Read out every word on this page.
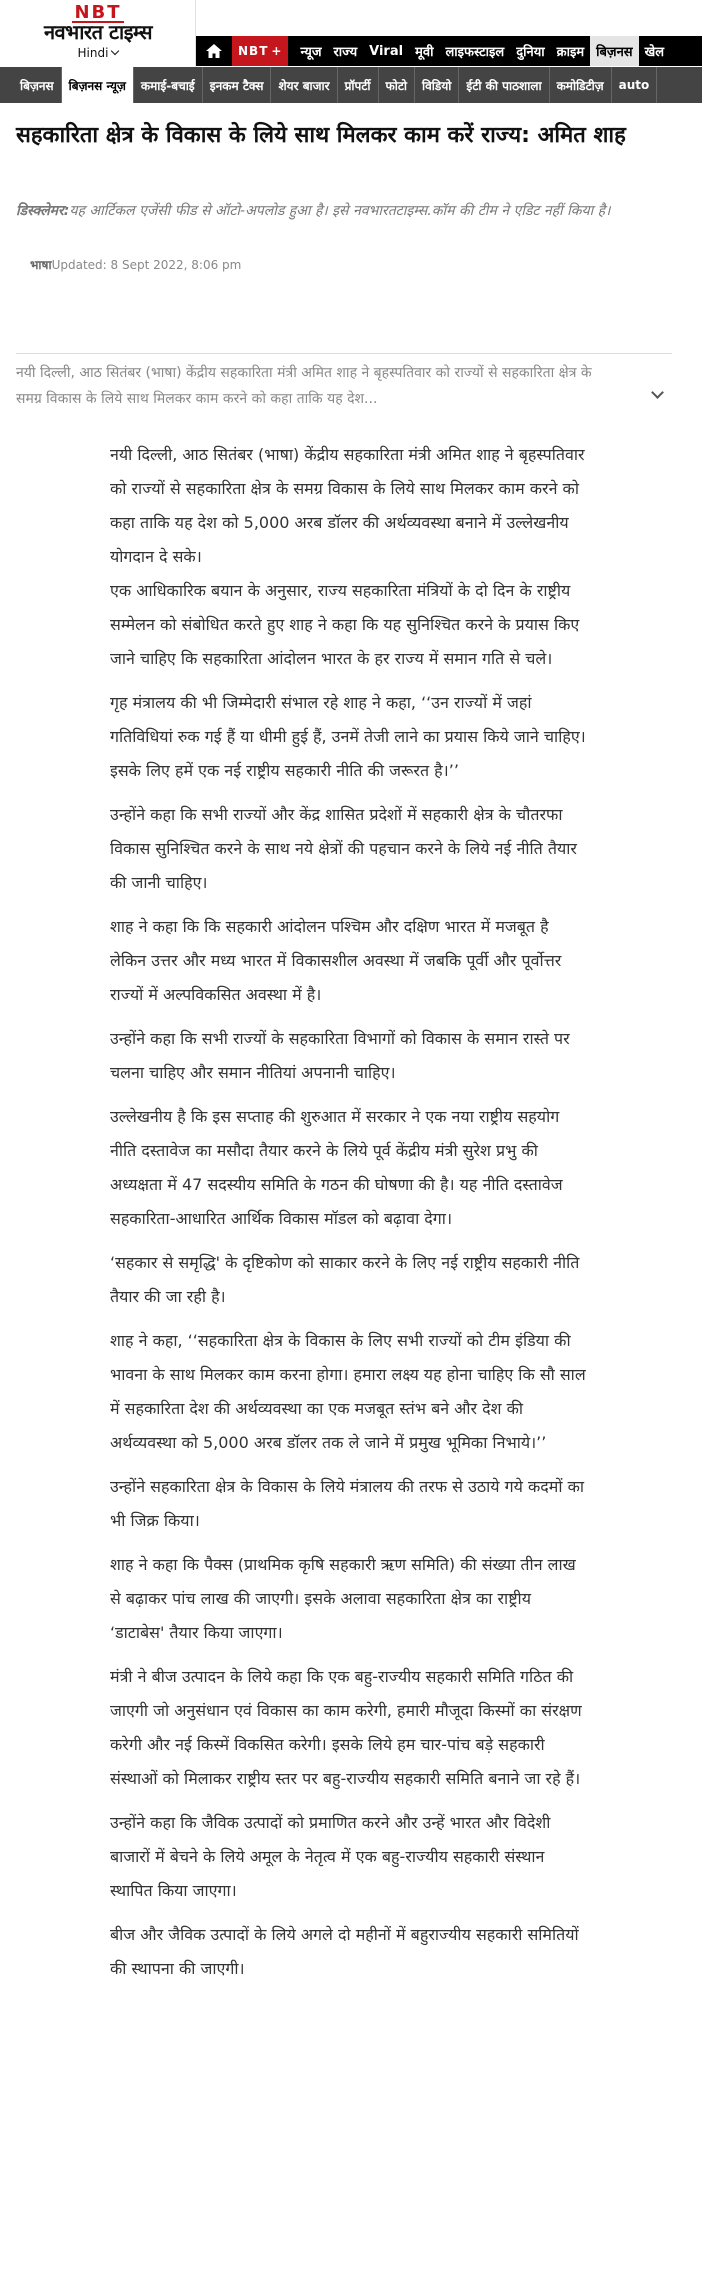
NBT
नवभारत टाइम्स
Hindi	NBT +	न्यूज राज्य Viral मूवी लाइफस्टाइल दुनिया क्राइम बिज़नस खेल
बिज़नस	बिज़नस न्यूज़	कमाई-बचाई	इनकम टैक्स	शेयर बाजार	प्रॉपर्टी	फोटो	विडियो	ईटी की पाठशाला	कमोडिटीज़	auto
सहकारिता क्षेत्र के विकास के लिये साथ मिलकर काम करें राज्य: अमित शाह
डिस्क्लेमर:यह आर्टिकल एजेंसी फीड से ऑटो-अपलोड हुआ है। इसे नवभारतटाइम्स.कॉम की टीम ने एडिट नहीं किया है।
भाषाUpdated: 8 Sept 2022, 8:06 pm
नयी दिल्ली, आठ सितंबर (भाषा) केंद्रीय सहकारिता मंत्री अमित शाह ने बृहस्पतिवार को राज्यों से सहकारिता क्षेत्र के समग्र विकास के लिये साथ मिलकर काम करने को कहा ताकि यह देश...

नयी दिल्ली, आठ सितंबर (भाषा) केंद्रीय सहकारिता मंत्री अमित शाह ने बृहस्पतिवार को राज्यों से सहकारिता क्षेत्र के समग्र विकास के लिये साथ मिलकर काम करने को कहा ताकि यह देश को 5,000 अरब डॉलर की अर्थव्यवस्था बनाने में उल्लेखनीय योगदान दे सके।

एक आधिकारिक बयान के अनुसार, राज्य सहकारिता मंत्रियों के दो दिन के राष्ट्रीय सम्मेलन को संबोधित करते हुए शाह ने कहा कि यह सुनिश्चित करने के प्रयास किए जाने चाहिए कि सहकारिता आंदोलन भारत के हर राज्य में समान गति से चले।

गृह मंत्रालय की भी जिम्मेदारी संभाल रहे शाह ने कहा, ‘‘उन राज्यों में जहां गतिविधियां रुक गई हैं या धीमी हुई हैं, उनमें तेजी लाने का प्रयास किये जाने चाहिए। इसके लिए हमें एक नई राष्ट्रीय सहकारी नीति की जरूरत है।’’

उन्होंने कहा कि सभी राज्यों और केंद्र शासित प्रदेशों में सहकारी क्षेत्र के चौतरफा विकास सुनिश्चित करने के साथ नये क्षेत्रों की पहचान करने के लिये नई नीति तैयार की जानी चाहिए।

शाह ने कहा कि कि सहकारी आंदोलन पश्चिम और दक्षिण भारत में मजबूत है लेकिन उत्तर और मध्य भारत में विकासशील अवस्था में जबकि पूर्वी और पूर्वोत्तर राज्यों में अल्पविकसित अवस्था में है।

उन्होंने कहा कि सभी राज्यों के सहकारिता विभागों को विकास के समान रास्ते पर चलना चाहिए और समान नीतियां अपनानी चाहिए।

उल्लेखनीय है कि इस सप्ताह की शुरुआत में सरकार ने एक नया राष्ट्रीय सहयोग नीति दस्तावेज का मसौदा तैयार करने के लिये पूर्व केंद्रीय मंत्री सुरेश प्रभु की अध्यक्षता में 47 सदस्यीय समिति के गठन की घोषणा की है। यह नीति दस्तावेज सहकारिता-आधारित आर्थिक विकास मॉडल को बढ़ावा देगा।

‘सहकार से समृद्धि' के दृष्टिकोण को साकार करने के लिए नई राष्ट्रीय सहकारी नीति तैयार की जा रही है।

शाह ने कहा, ‘‘सहकारिता क्षेत्र के विकास के लिए सभी राज्यों को टीम इंडिया की भावना के साथ मिलकर काम करना होगा। हमारा लक्ष्य यह होना चाहिए कि सौ साल में सहकारिता देश की अर्थव्यवस्था का एक मजबूत स्तंभ बने और देश की अर्थव्यवस्था को 5,000 अरब डॉलर तक ले जाने में प्रमुख भूमिका निभाये।’’

उन्होंने सहकारिता क्षेत्र के विकास के लिये मंत्रालय की तरफ से उठाये गये कदमों का भी जिक्र किया।

शाह ने कहा कि पैक्स (प्राथमिक कृषि सहकारी ऋण समिति) की संख्या तीन लाख से बढ़ाकर पांच लाख की जाएगी। इसके अलावा सहकारिता क्षेत्र का राष्ट्रीय ‘डाटाबेस' तैयार किया जाएगा।

मंत्री ने बीज उत्पादन के लिये कहा कि एक बहु-राज्यीय सहकारी समिति गठित की जाएगी जो अनुसंधान एवं विकास का काम करेगी, हमारी मौजूदा किस्मों का संरक्षण करेगी और नई किस्में विकसित करेगी। इसके लिये हम चार-पांच बड़े सहकारी संस्थाओं को मिलाकर राष्ट्रीय स्तर पर बहु-राज्यीय सहकारी समिति बनाने जा रहे हैं।

उन्होंने कहा कि जैविक उत्पादों को प्रमाणित करने और उन्हें भारत और विदेशी बाजारों में बेचने के लिये अमूल के नेतृत्व में एक बहु-राज्यीय सहकारी संस्थान स्थापित किया जाएगा।

बीज और जैविक उत्पादों के लिये अगले दो महीनों में बहुराज्यीय सहकारी समितियों की स्थापना की जाएगी।
